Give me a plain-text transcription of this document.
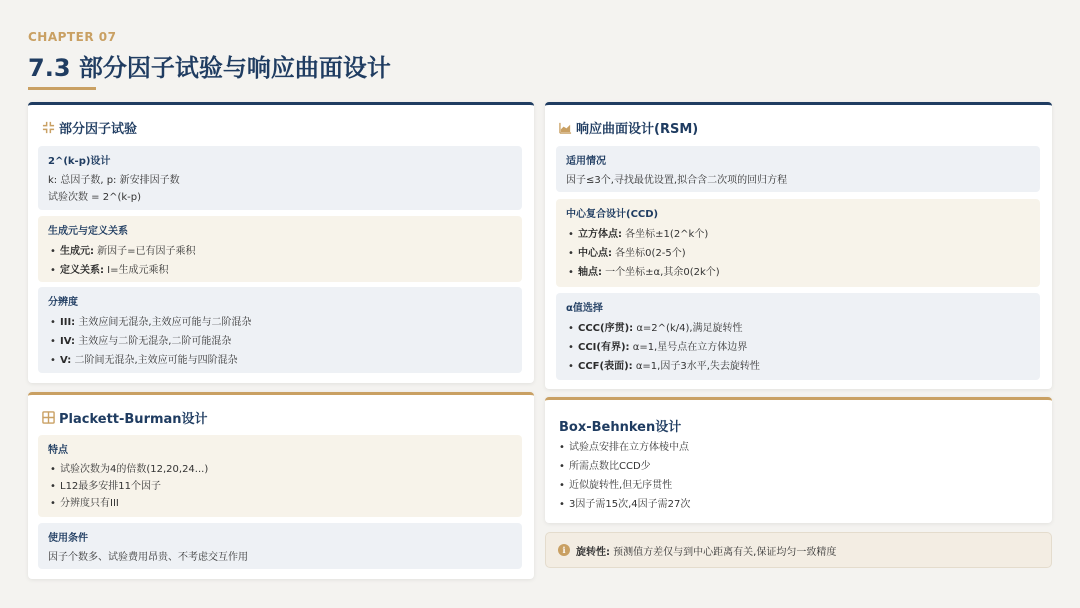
CHAPTER 07
7.3 部分因子试验与响应曲面设计
部分因子试验
2^(k-p)设计
k: 总因子数, p: 新安排因子数
试验次数 = 2^(k-p)
生成元与定义关系
• 生成元: 新因子=已有因子乘积
• 定义关系: I=生成元乘积
分辨度
• III: 主效应间无混杂,主效应可能与二阶混杂
• IV: 主效应与二阶无混杂,二阶可能混杂
• V: 二阶间无混杂,主效应可能与四阶混杂
Plackett-Burman设计
特点
• 试验次数为4的倍数(12,20,24...)
• L12最多安排11个因子
• 分辨度只有III
使用条件
因子个数多、试验费用昂贵、不考虑交互作用
响应曲面设计(RSM)
适用情况
因子≤3个,寻找最优设置,拟合含二次项的回归方程
中心复合设计(CCD)
• 立方体点: 各坐标±1(2^k个)
• 中心点: 各坐标0(2-5个)
• 轴点: 一个坐标±α,其余0(2k个)
α值选择
• CCC(序贯): α=2^(k/4),满足旋转性
• CCI(有界): α=1,星号点在立方体边界
• CCF(表面): α=1,因子3水平,失去旋转性
Box-Behnken设计
• 试验点安排在立方体棱中点
• 所需点数比CCD少
• 近似旋转性,但无序贯性
• 3因子需15次,4因子需27次
i	旋转性: 预测值方差仅与到中心距离有关,保证均匀一致精度
